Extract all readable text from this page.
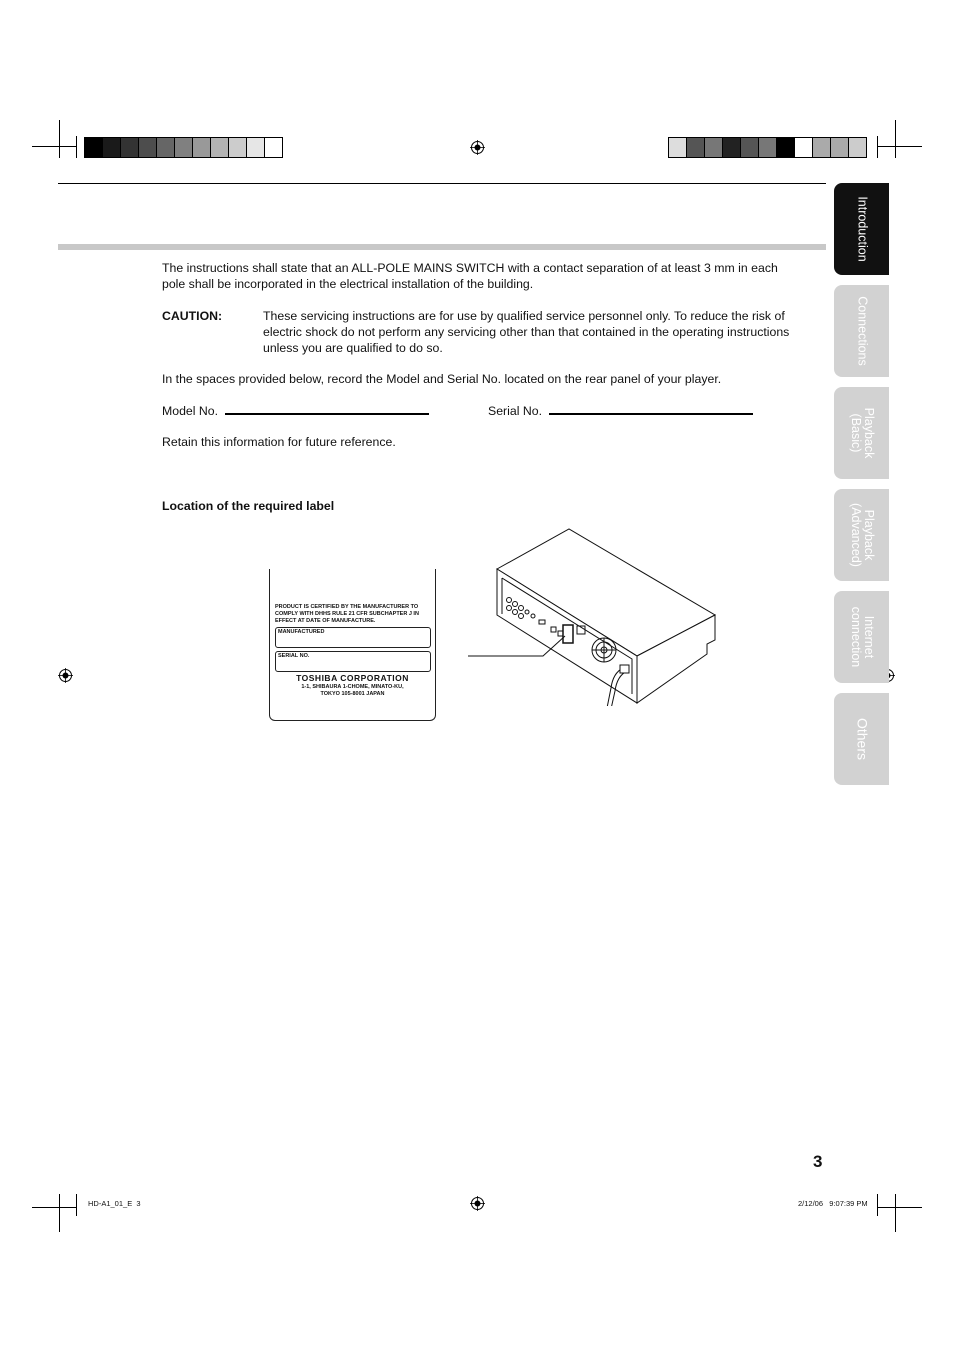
Introduction
Connections
Playback
(Basic)
Playback
(Advanced)
Internet
connection
Others
The instructions shall state that an ALL-POLE MAINS SWITCH with a contact separation of at least 3 mm in each pole shall be incorporated in the electrical installation of the building.
CAUTION:	These servicing instructions are for use by qualified service personnel only. To reduce the risk of electric shock do not perform any servicing other than that contained in the operating instructions unless you are qualified to do so.
In the spaces provided below, record the Model and Serial No. located on the rear panel of your player.
Model No.	Serial No.
Retain this information for future reference.
Location of the required label
PRODUCT IS CERTIFIED BY THE MANUFACTURER TO COMPLY WITH DHHS RULE 21 CFR SUBCHAPTER J IN EFFECT AT DATE OF MANUFACTURE.
MANUFACTURED
SERIAL NO.
TOSHIBA CORPORATION
1-1, SHIBAURA 1-CHOME, MINATO-KU,
TOKYO 105-8001 JAPAN
3
HD-A1_01_E  3	2/12/06   9:07:39 PM
